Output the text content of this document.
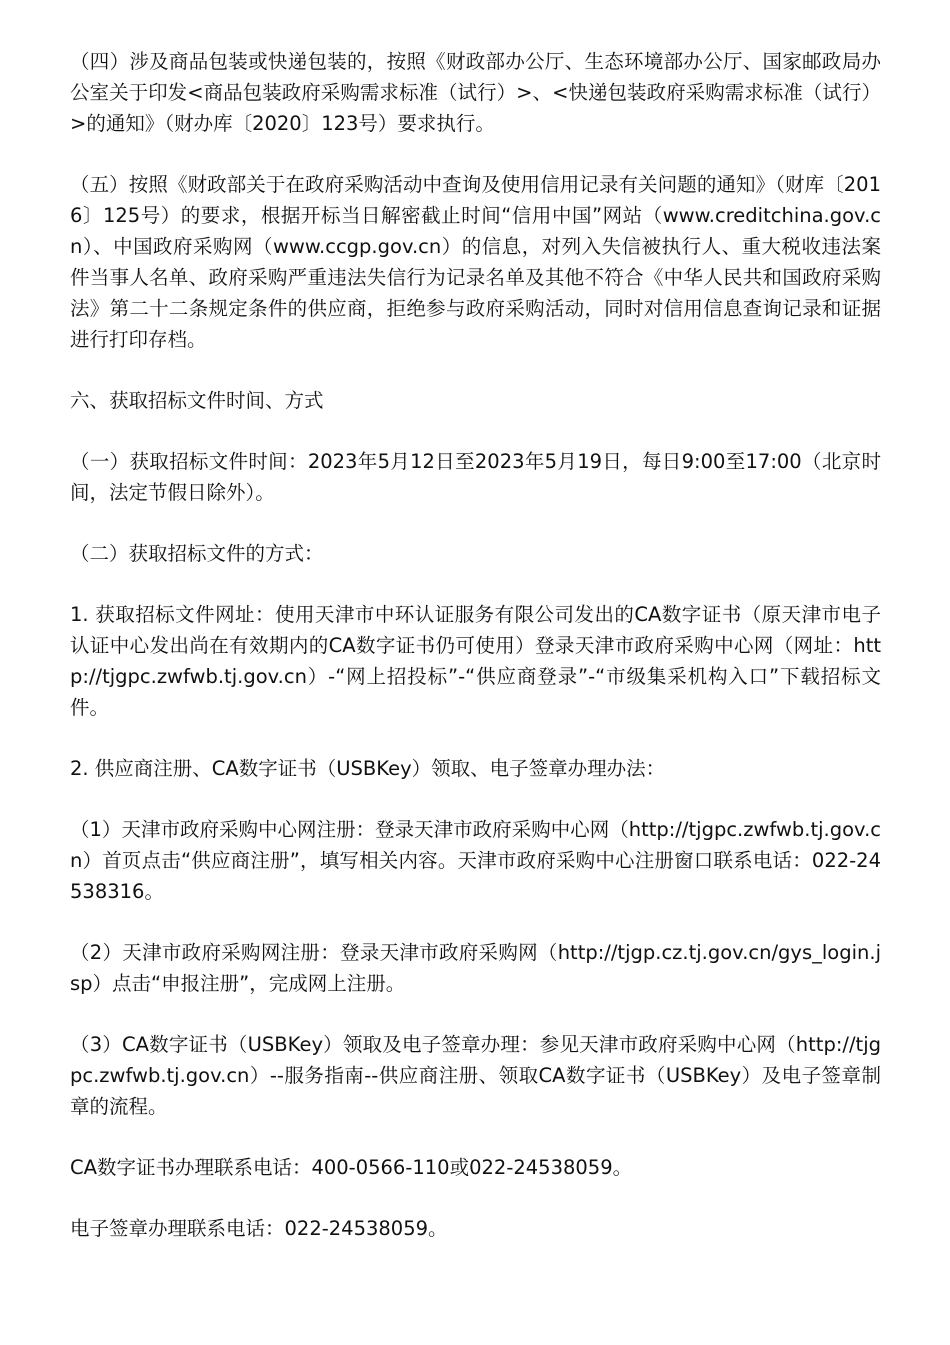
（四）涉及商品包装或快递包装的，按照《财政部办公厅、生态环境部办公厅、国家邮政局办公室关于印发<商品包装政府采购需求标准（试行）>、<快递包装政府采购需求标准（试行）>的通知》（财办库〔2020〕123号）要求执行。

（五）按照《财政部关于在政府采购活动中查询及使用信用记录有关问题的通知》（财库〔2016〕125号）的要求，根据开标当日解密截止时间“信用中国”网站（www.creditchina.gov.cn）、中国政府采购网（www.ccgp.gov.cn）的信息，对列入失信被执行人、重大税收违法案件当事人名单、政府采购严重违法失信行为记录名单及其他不符合《中华人民共和国政府采购法》第二十二条规定条件的供应商，拒绝参与政府采购活动，同时对信用信息查询记录和证据进行打印存档。

六、获取招标文件时间、方式

（一）获取招标文件时间：2023年5月12日至2023年5月19日，每日9:00至17:00（北京时间，法定节假日除外）。

（二）获取招标文件的方式：

1. 获取招标文件网址：使用天津市中环认证服务有限公司发出的CA数字证书（原天津市电子认证中心发出尚在有效期内的CA数字证书仍可使用）登录天津市政府采购中心网（网址：http://tjgpc.zwfwb.tj.gov.cn）-“网上招投标”-“供应商登录”-“市级集采机构入口”下载招标文件。

2. 供应商注册、CA数字证书（USBKey）领取、电子签章办理办法：

（1）天津市政府采购中心网注册：登录天津市政府采购中心网（http://tjgpc.zwfwb.tj.gov.cn）首页点击“供应商注册”，填写相关内容。天津市政府采购中心注册窗口联系电话：022-24538316。

（2）天津市政府采购网注册：登录天津市政府采购网（http://tjgp.cz.tj.gov.cn/gys_login.jsp）点击“申报注册”，完成网上注册。

（3）CA数字证书（USBKey）领取及电子签章办理：参见天津市政府采购中心网（http://tjgpc.zwfwb.tj.gov.cn）--服务指南--供应商注册、领取CA数字证书（USBKey）及电子签章制章的流程。

CA数字证书办理联系电话：400-0566-110或022-24538059。

电子签章办理联系电话：022-24538059。
